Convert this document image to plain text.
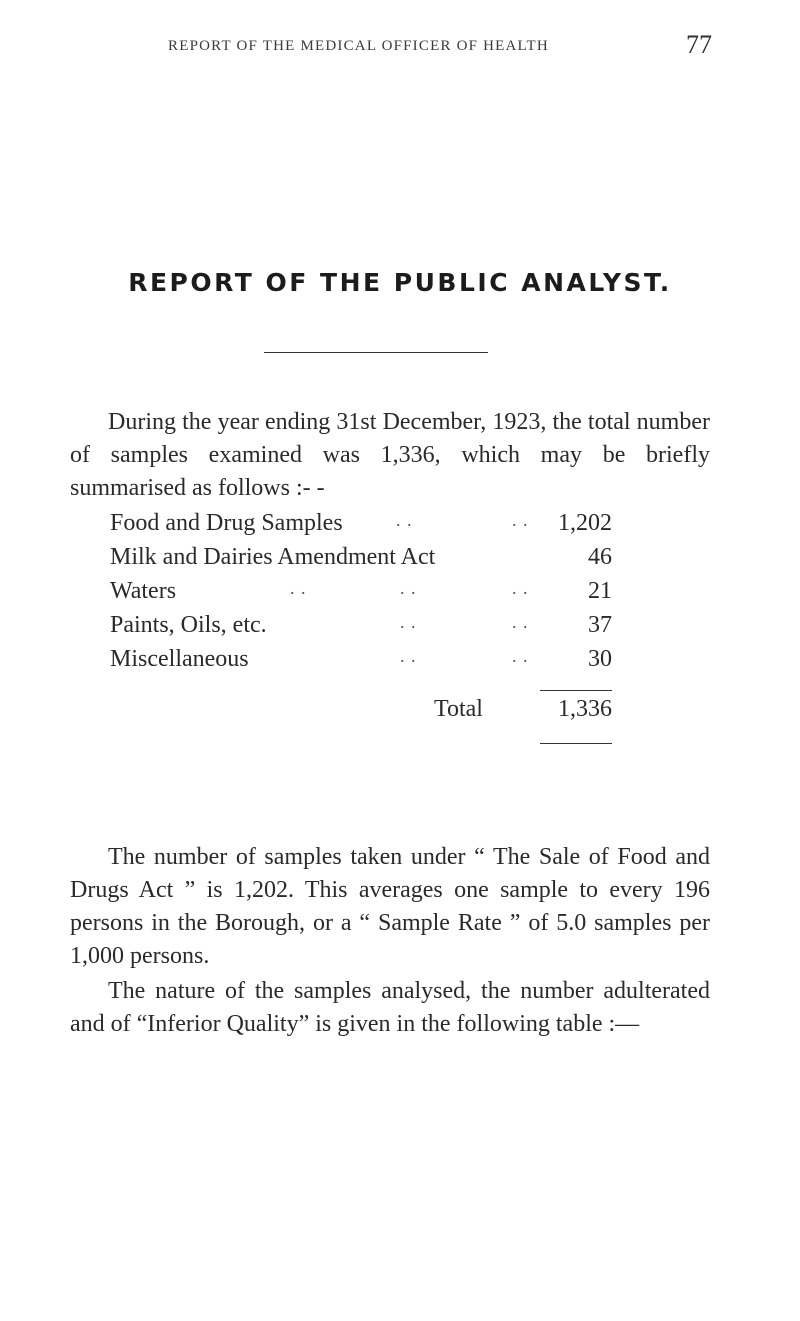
REPORT OF THE MEDICAL OFFICER OF HEALTH	77
REPORT OF THE PUBLIC ANALYST.

During the year ending 31st December, 1923, the total number of samples examined was 1,336, which may be briefly summarised as follows :- -

Food and Drug Samples	. .	. . 1,202
Milk and Dairies Amendment Act	46
Waters	. .	. .	. . 21
Paints, Oils, etc.	. .	. . 37
Miscellaneous	. .	. . 30
Total	1,336

The number of samples taken under “ The Sale of Food and Drugs Act ” is 1,202. This averages one sample to every 196 persons in the Borough, or a “ Sample Rate ” of 5.0 samples per 1,000 persons.

The nature of the samples analysed, the number adulterated and of “Inferior Quality” is given in the following table :—
